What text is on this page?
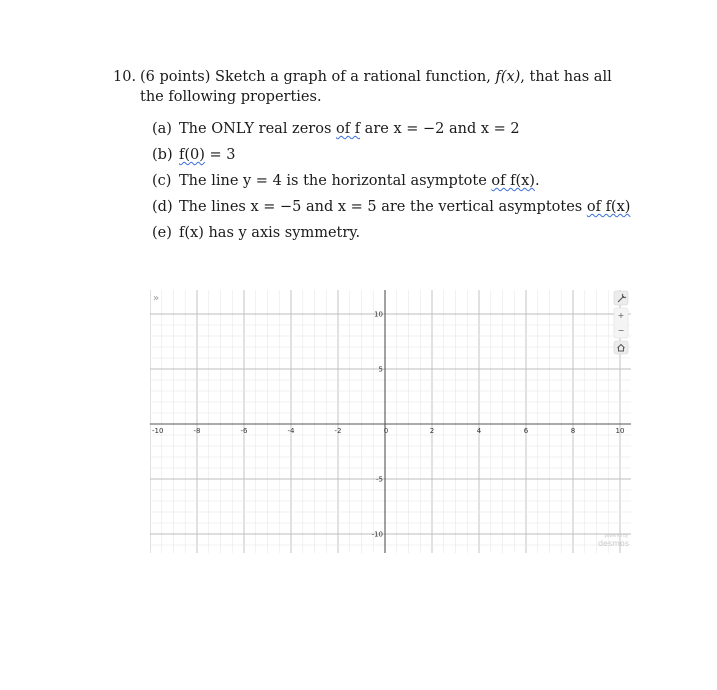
10. (6 points) Sketch a graph of a rational function, f(x), that has all
the following properties.
(a) The ONLY real zeros of f are x = −2 and x = 2
(b) f(0) = 3
(c) The line y = 4 is the horizontal asymptote of f(x).
(d) The lines x = −5 and x = 5 are the vertical asymptotes of f(x)
(e) f(x) has y axis symmetry.
-10	-8	-6	-4	-2	0	2	4	6	8	10
10
5
-5
-10
»
+
−
powered by
desmos
